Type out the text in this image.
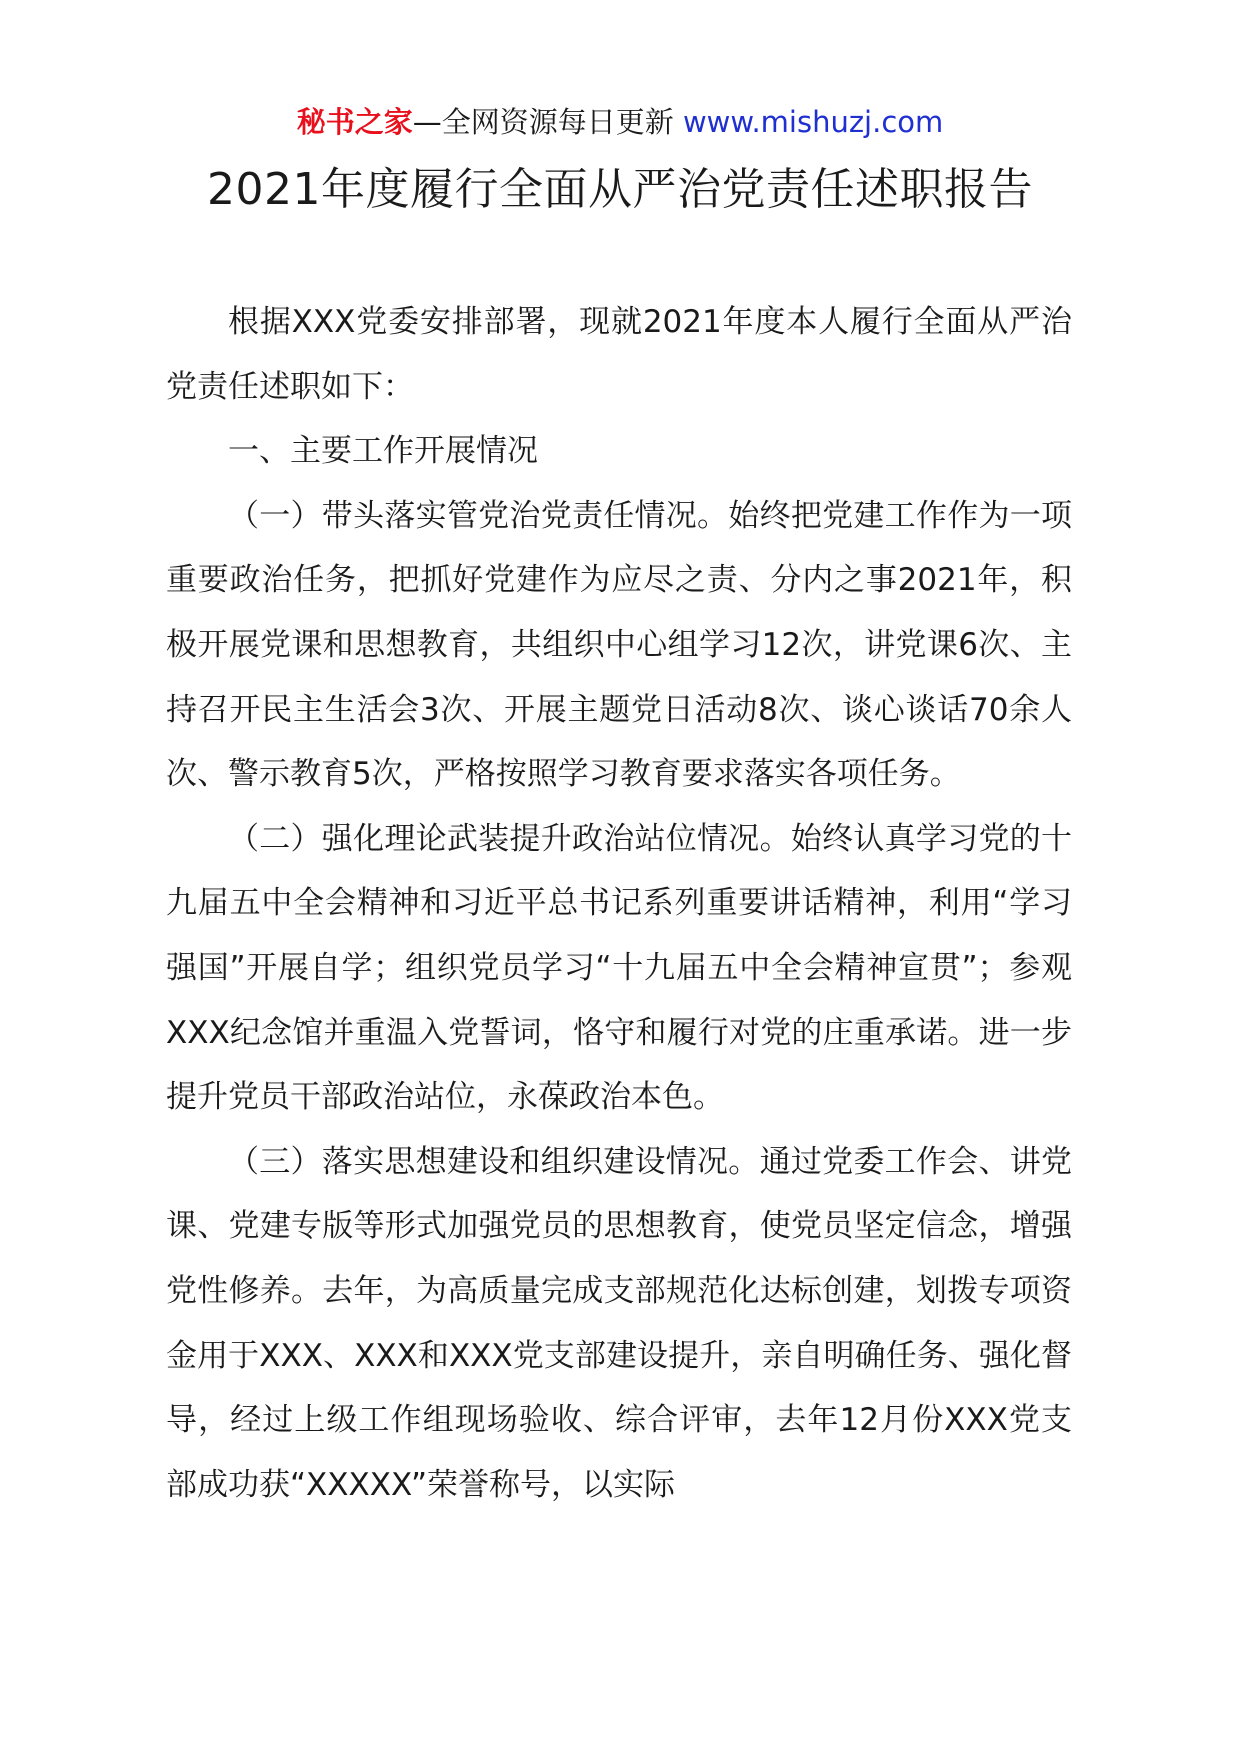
秘书之家—全网资源每日更新 www.mishuzj.com
2021年度履行全面从严治党责任述职报告

根据XXX党委安排部署，现就2021年度本人履行全面从严治党责任述职如下：

一、主要工作开展情况

（一）带头落实管党治党责任情况。始终把党建工作作为一项重要政治任务，把抓好党建作为应尽之责、分内之事2021年，积极开展党课和思想教育，共组织中心组学习12次，讲党课6次、主持召开民主生活会3次、开展主题党日活动8次、谈心谈话70余人次、警示教育5次，严格按照学习教育要求落实各项任务。

（二）强化理论武装提升政治站位情况。始终认真学习党的十九届五中全会精神和习近平总书记系列重要讲话精神，利用“学习强国”开展自学；组织党员学习“十九届五中全会精神宣贯”；参观XXX纪念馆并重温入党誓词，恪守和履行对党的庄重承诺。进一步提升党员干部政治站位，永葆政治本色。

（三）落实思想建设和组织建设情况。通过党委工作会、讲党课、党建专版等形式加强党员的思想教育，使党员坚定信念，增强党性修养。去年，为高质量完成支部规范化达标创建，划拨专项资金用于XXX、XXX和XXX党支部建设提升，亲自明确任务、强化督导，经过上级工作组现场验收、综合评审，去年12月份XXX党支部成功获“XXXXX”荣誉称号，以实际
